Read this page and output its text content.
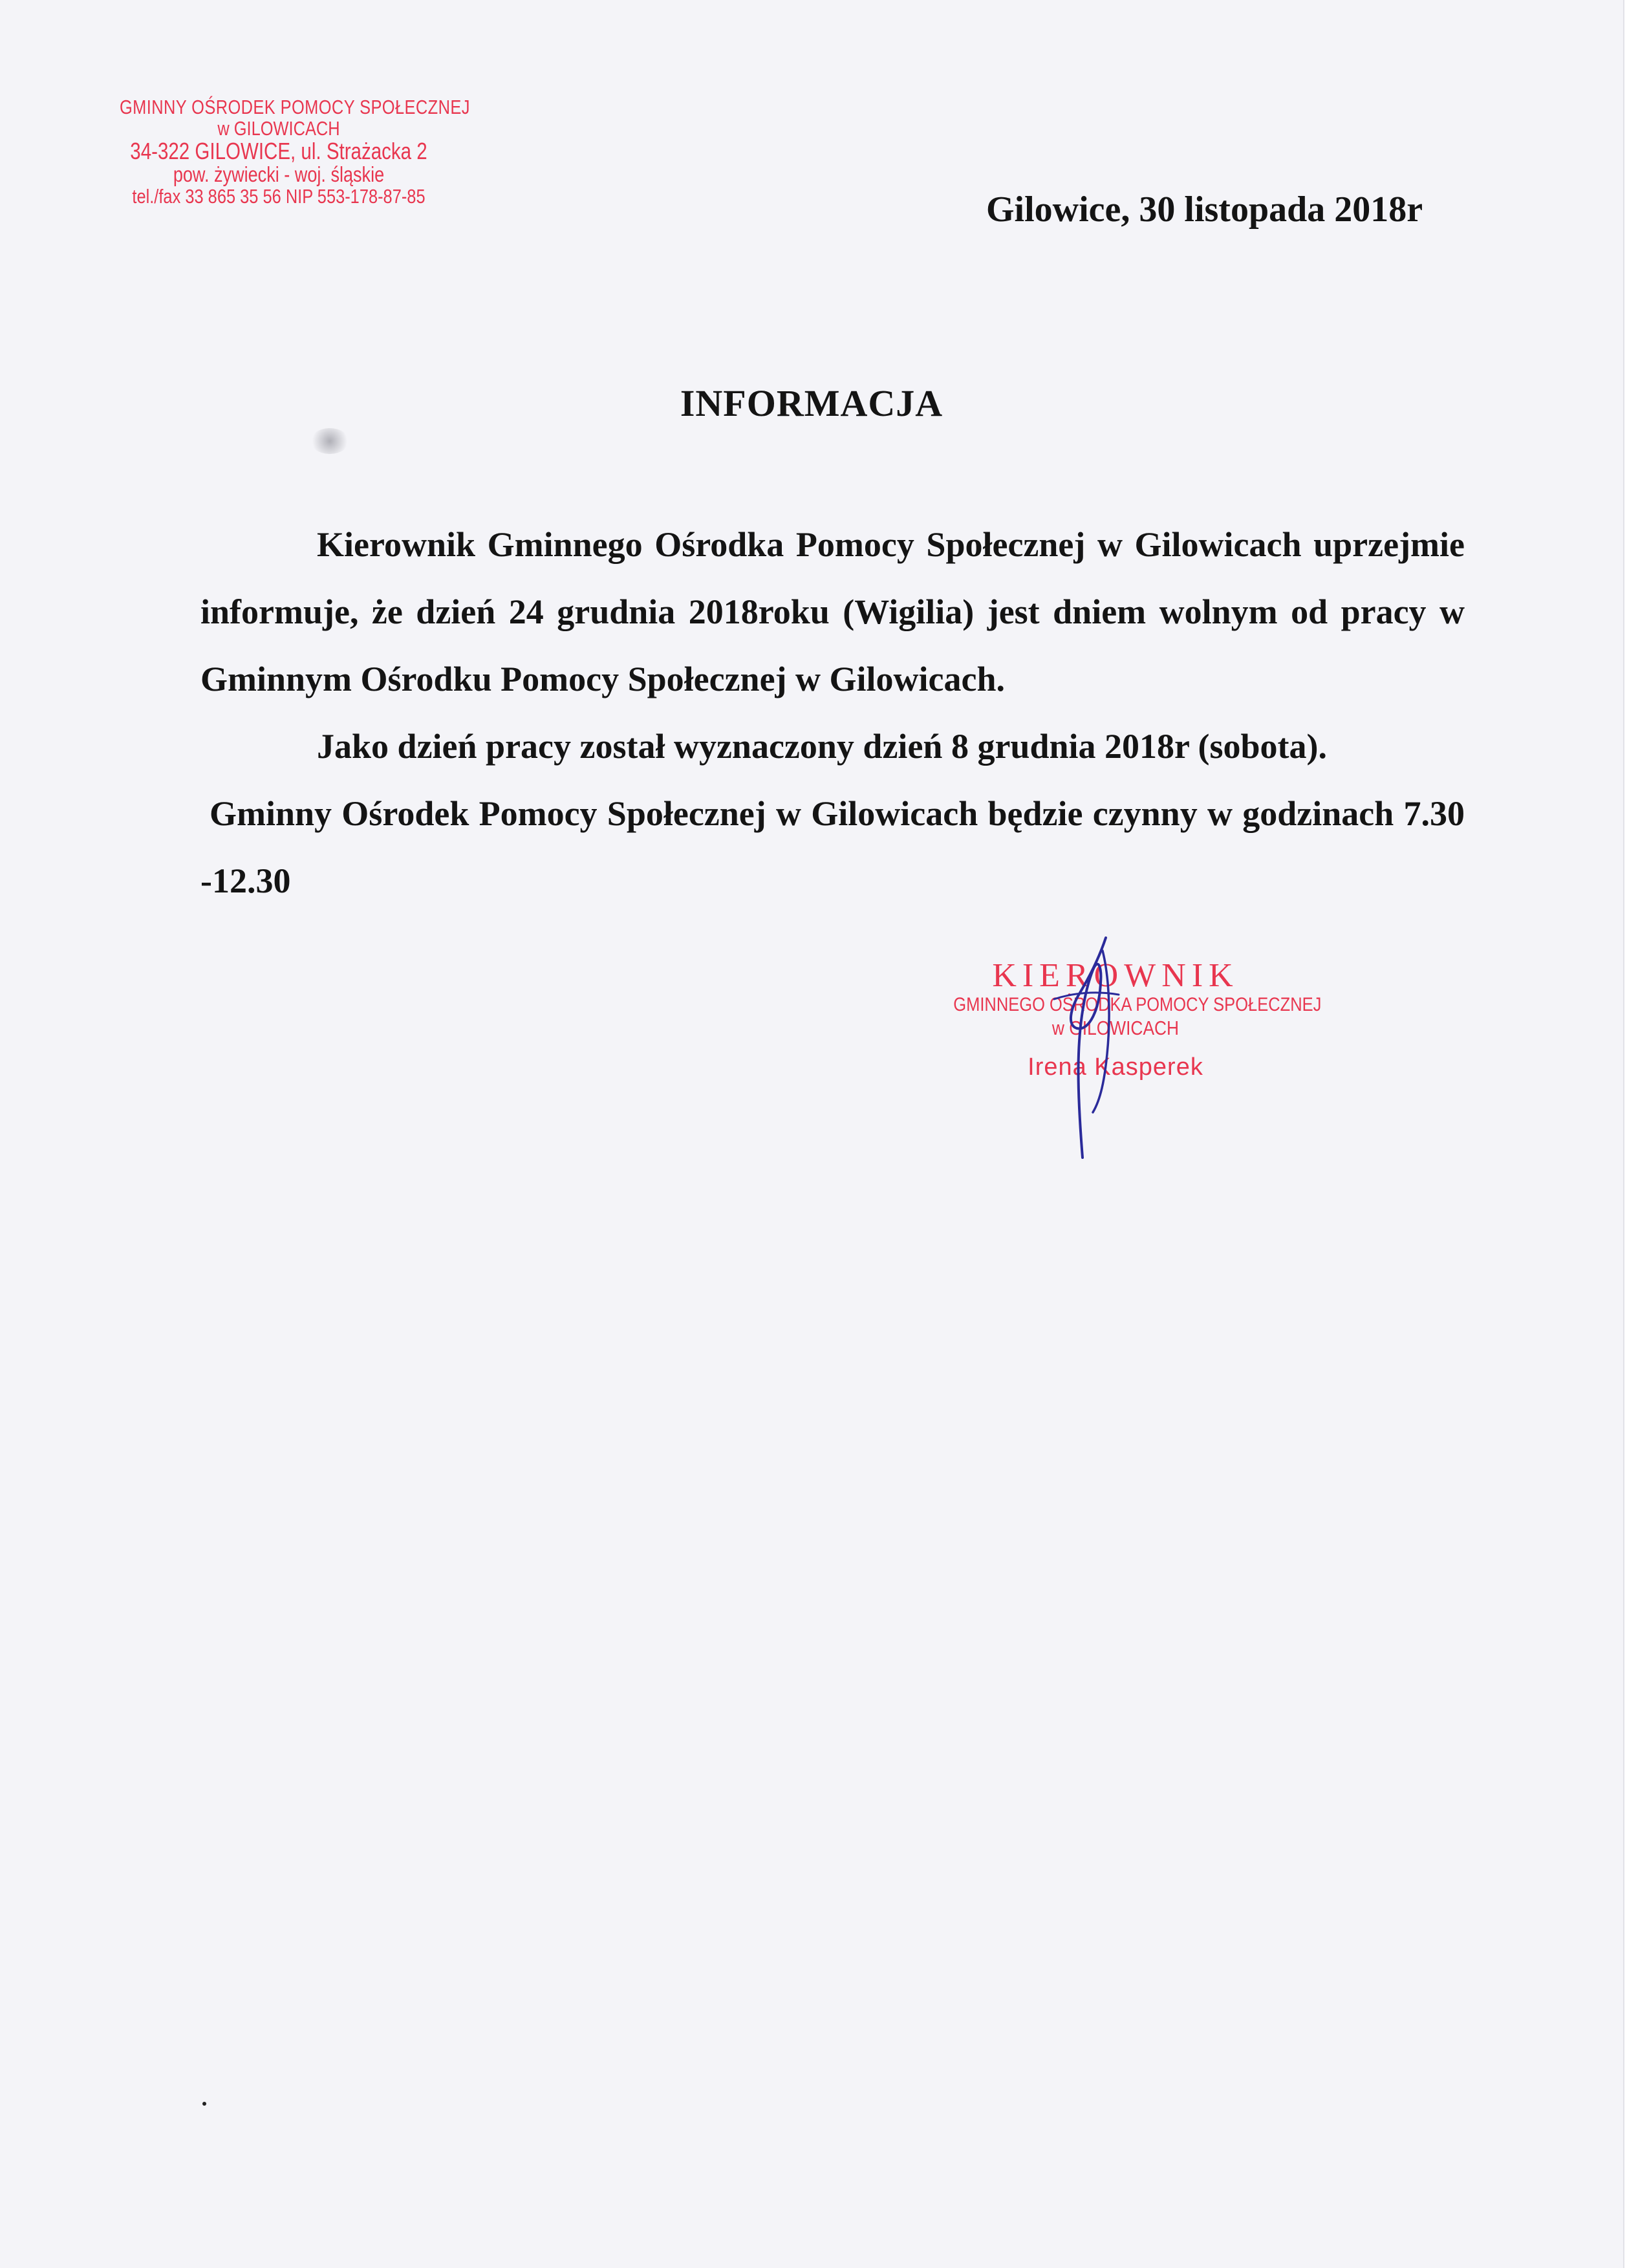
GMINNY OŚRODEK POMOCY SPOŁECZNEJ
w GILOWICACH
34-322 GILOWICE, ul. Strażacka 2
pow. żywiecki - woj. śląskie
tel./fax 33 865 35 56 NIP 553-178-87-85	Gilowice, 30 listopada 2018r
INFORMACJA

Kierownik Gminnego Ośrodka Pomocy Społecznej w Gilowicach uprzejmie informuje, że dzień 24 grudnia 2018roku (Wigilia) jest dniem wolnym od pracy w Gminnym Ośrodku Pomocy Społecznej w Gilowicach.

Jako dzień pracy został wyznaczony dzień 8 grudnia 2018r (sobota).

Gminny Ośrodek Pomocy Społecznej w Gilowicach będzie czynny w godzinach 7.30 -12.30

KIEROWNIK
GMINNEGO OŚRODKA POMOCY SPOŁECZNEJ
w GILOWICACH
Irena Kasperek
